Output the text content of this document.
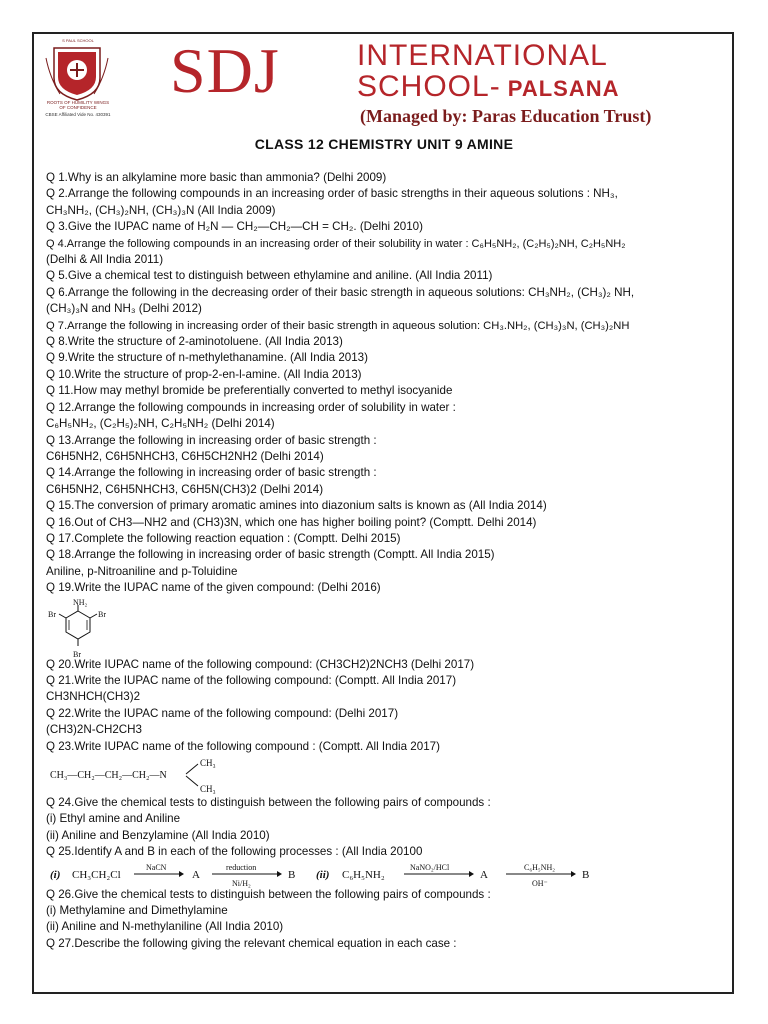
S PAUL SCHOOL
ROOTS OF HUMILITY WINGS OF CONFIDENCE
CBSE Affiliated Vide No. 430391
SDJ	INTERNATIONAL
SCHOOL- PALSANA
(Managed by: Paras Education Trust)
CLASS 12 CHEMISTRY UNIT 9 AMINE
Q 1.Why is an alkylamine more basic than ammonia? (Delhi 2009)
Q 2.Arrange the following compounds in an increasing order of basic strengths in their aqueous solutions : NH₃,
CH₃NH₂, (CH₃)₂NH, (CH₃)₃N (All India 2009)
Q 3.Give the IUPAC name of H₂N — CH₂—CH₂—CH = CH₂. (Delhi 2010)
Q 4.Arrange the following compounds in an increasing order of their solubility in water : C₆H₅NH₂, (C₂H₅)₂NH, C₂H₅NH₂
(Delhi & All India 2011)
Q 5.Give a chemical test to distinguish between ethylamine and aniline. (All India 2011)
Q 6.Arrange the following in the decreasing order of their basic strength in aqueous solutions: CH₃NH₂, (CH₃)₂ NH,
(CH₃)₃N and NH₃ (Delhi 2012)
Q 7.Arrange the following in increasing order of their basic strength in aqueous solution: CH₃.NH₂, (CH₃)₃N, (CH₃)₂NH
Q 8.Write the structure of 2-aminotoluene. (All India 2013)
Q 9.Write the structure of n-methylethanamine. (All India 2013)
Q 10.Write the structure of prop-2-en-l-amine. (All India 2013)
Q 11.How may methyl bromide be preferentially converted to methyl isocyanide
Q 12.Arrange the following compounds in increasing order of solubility in water :
C₆H₅NH₂, (C₂H₅)₂NH, C₂H₅NH₂ (Delhi 2014)
Q 13.Arrange the following in increasing order of basic strength :
C6H5NH2, C6H5NHCH3, C6H5CH2NH2 (Delhi 2014)
Q 14.Arrange the following in increasing order of basic strength :
C6H5NH2, C6H5NHCH3, C6H5N(CH3)2 (Delhi 2014)
Q 15.The conversion of primary aromatic amines into diazonium salts is known as (All India 2014)
Q 16.Out of CH3—NH2 and (CH3)3N, which one has higher boiling point? (Comptt. Delhi 2014)
Q 17.Complete the following reaction equation : (Comptt. Delhi 2015)
Q 18.Arrange the following in increasing order of basic strength (Comptt. All India 2015)
Aniline, p-Nitroaniline and p-Toluidine
Q 19.Write the IUPAC name of the given compound: (Delhi 2016)
NH₂
Br	Br
Br
Q 20.Write IUPAC name of the following compound: (CH3CH2)2NCH3 (Delhi 2017)
Q 21.Write the IUPAC name of the following compound: (Comptt. All India 2017)
CH3NHCH(CH3)2
Q 22.Write the IUPAC name of the following compound: (Delhi 2017)
(CH3)2N-CH2CH3
Q 23.Write IUPAC name of the following compound : (Comptt. All India 2017)
CH₃—CH₂—CH₂—CH₂—N
CH₃
CH₃
Q 24.Give the chemical tests to distinguish between the following pairs of compounds :
(i) Ethyl amine and Aniline
(ii) Aniline and Benzylamine (All India 2010)
Q 25.Identify A and B in each of the following processes : (All India 20100
(i) CH₃CH₂Cl
NaCN
A
reduction
Ni/H₂
B (ii) C₆H₅NH₂
NaNO₂/HCl
A
C₆H₅NH₂
OH⁻
B
Q 26.Give the chemical tests to distinguish between the following pairs of compounds :
(i) Methylamine and Dimethylamine
(ii) Aniline and N-methylaniline (All India 2010)
Q 27.Describe the following giving the relevant chemical equation in each case :
